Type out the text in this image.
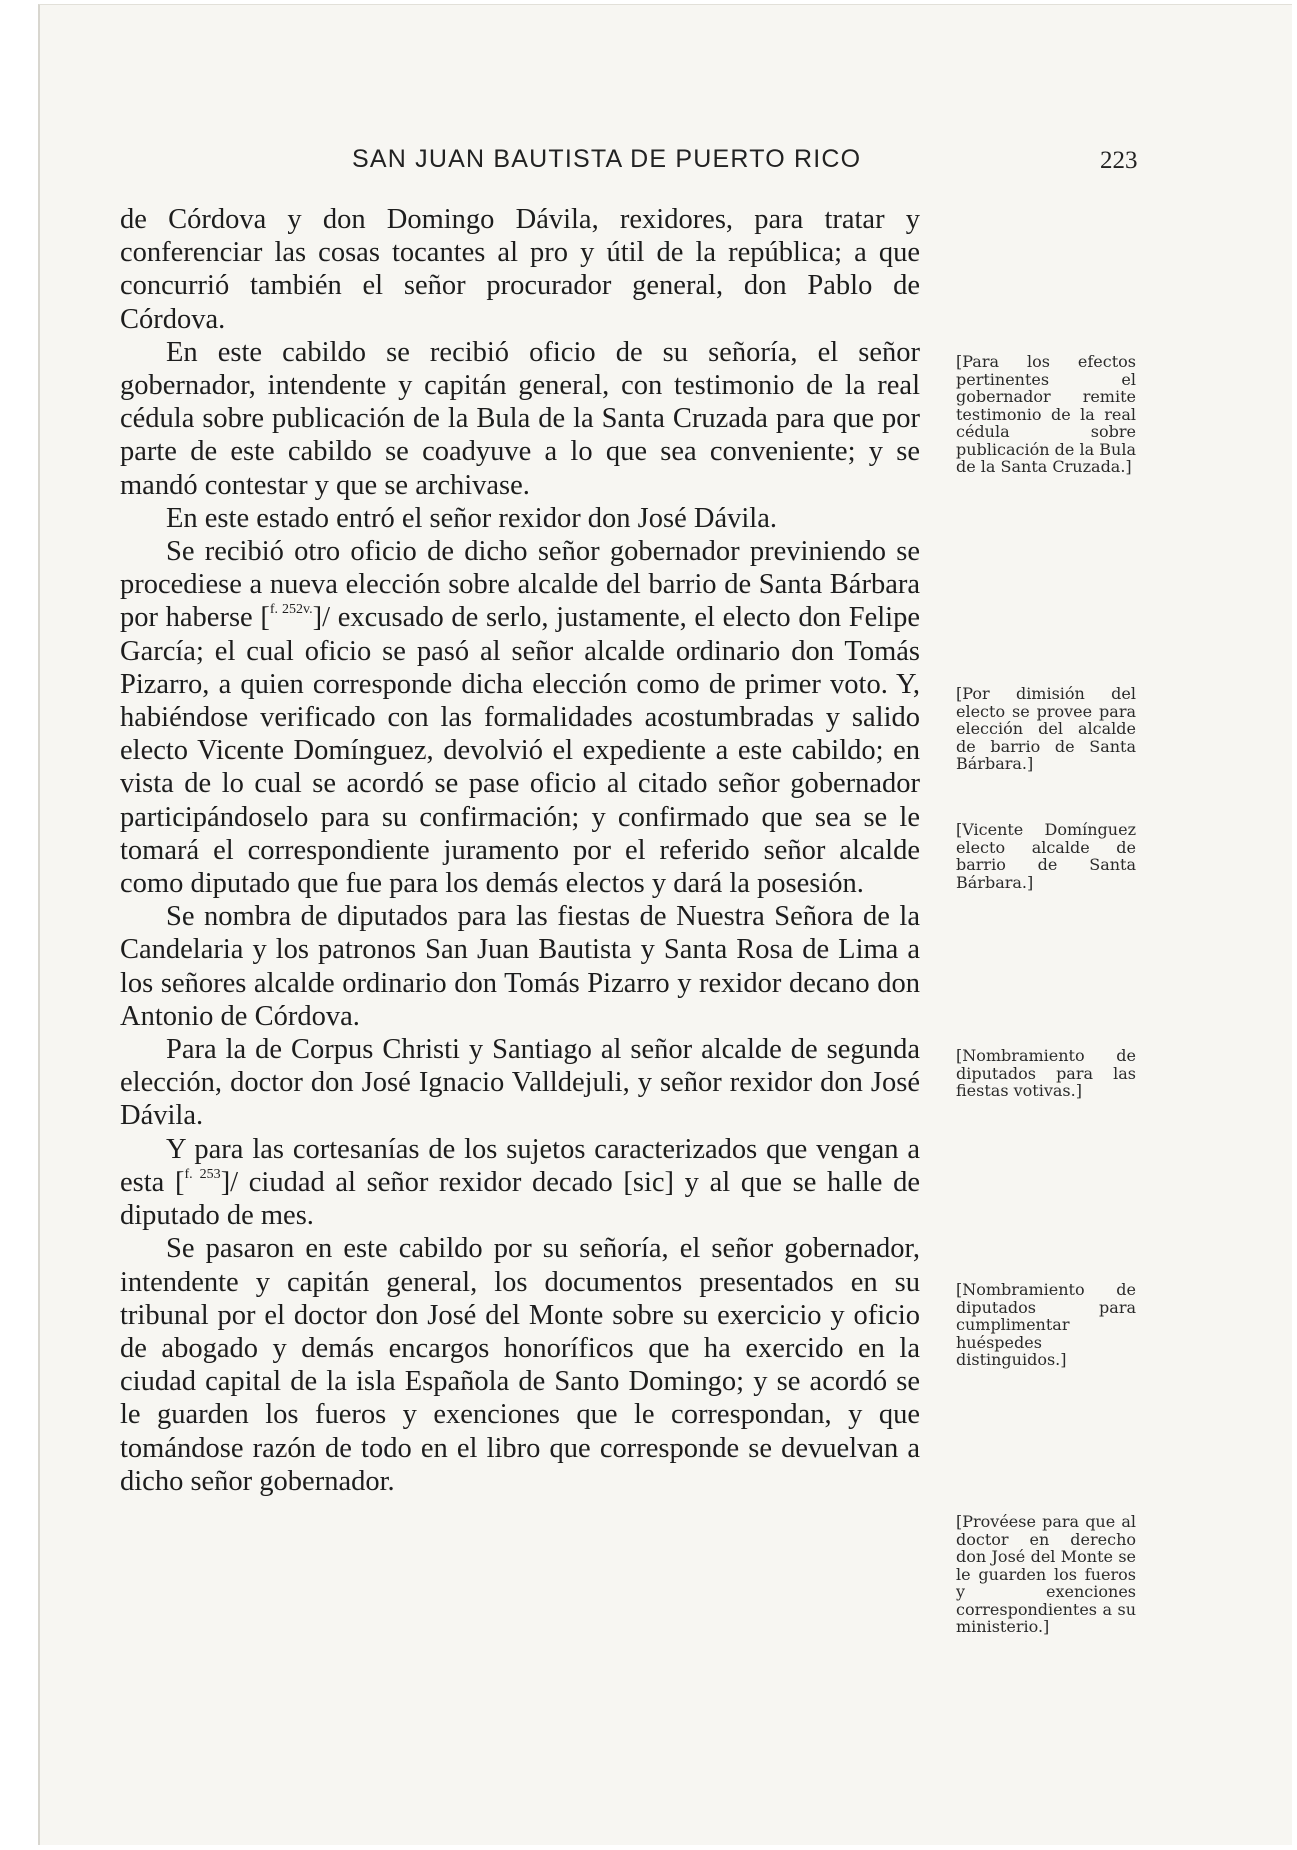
SAN JUAN BAUTISTA DE PUERTO RICO	223

de Córdova y don Domingo Dávila, rexidores, para tratar y conferenciar las cosas tocantes al pro y útil de la república; a que concurrió también el señor procurador general, don Pablo de Córdova.

En este cabildo se recibió oficio de su señoría, el señor gobernador, intendente y capitán general, con testimonio de la real cédula sobre publicación de la Bula de la Santa Cruzada para que por parte de este cabildo se coadyuve a lo que sea conveniente; y se mandó contestar y que se archivase.

En este estado entró el señor rexidor don José Dávila.

Se recibió otro oficio de dicho señor gobernador previniendo se procediese a nueva elección sobre alcalde del barrio de Santa Bárbara por haberse [$^{f. 252v.}$]/ excusado de serlo, justamente, el electo don Felipe García; el cual oficio se pasó al señor alcalde ordinario don Tomás Pizarro, a quien corresponde dicha elección como de primer voto. Y, habiéndose verificado con las formalidades acostumbradas y salido electo Vicente Domínguez, devolvió el expediente a este cabildo; en vista de lo cual se acordó se pase oficio al citado señor gobernador participándoselo para su confirmación; y confirmado que sea se le tomará el correspondiente juramento por el referido señor alcalde como diputado que fue para los demás electos y dará la posesión.

Se nombra de diputados para las fiestas de Nuestra Señora de la Candelaria y los patronos San Juan Bautista y Santa Rosa de Lima a los señores alcalde ordinario don Tomás Pizarro y rexidor decano don Antonio de Córdova.

Para la de Corpus Christi y Santiago al señor alcalde de segunda elección, doctor don José Ignacio Valldejuli, y señor rexidor don José Dávila.

Y para las cortesanías de los sujetos caracterizados que vengan a esta [$^{f. 253}$]/ ciudad al señor rexidor decado [sic] y al que se halle de diputado de mes.

Se pasaron en este cabildo por su señoría, el señor gobernador, intendente y capitán general, los documentos presentados en su tribunal por el doctor don José del Monte sobre su exercicio y oficio de abogado y demás encargos honoríficos que ha exercido en la ciudad capital de la isla Española de Santo Domingo; y se acordó se le guarden los fueros y exenciones que le correspondan, y que tomándose razón de todo en el libro que corresponde se devuelvan a dicho señor gobernador.

[Para los efectos pertinentes el gobernador remite testimonio de la real cédula sobre publicación de la Bula de la Santa Cruzada.]
[Por dimisión del electo se provee para elección del alcalde de barrio de Santa Bárbara.]
[Vicente Domínguez electo alcalde de barrio de Santa Bárbara.]
[Nombramiento de diputados para las fiestas votivas.]
[Nombramiento de diputados para cumplimentar huéspedes distinguidos.]
[Provéese para que al doctor en derecho don José del Monte se le guarden los fueros y exenciones correspondientes a su ministerio.]
